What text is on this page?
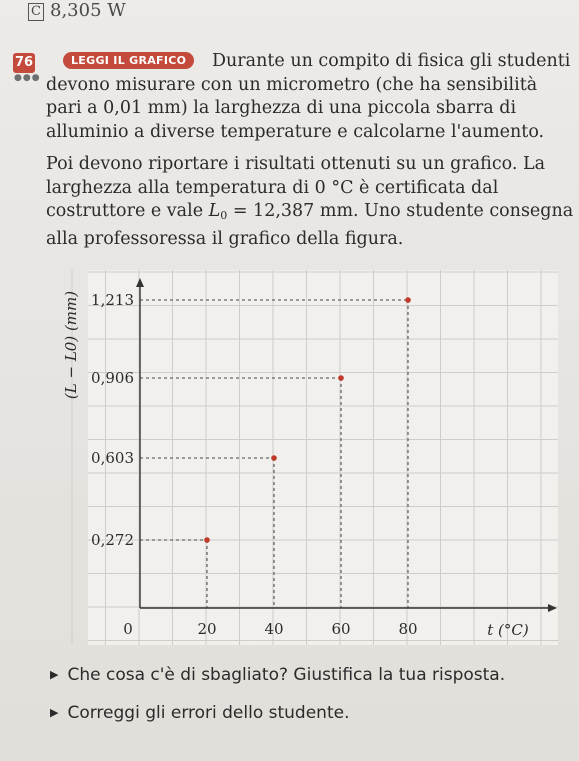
C 8,305 W
76
●●●
LEGGI IL GRAFICO	Durante un compito di fisica gli studenti devono misurare con un micrometro (che ha sensibilità pari a 0,01 mm) la larghezza di una piccola sbarra di alluminio a diverse temperature e calcolarne l'aumento.

Poi devono riportare i risultati ottenuti su un grafico. La larghezza alla temperatura di 0 °C è certificata dal costruttore e vale $L_0 = 12,387$ mm. Uno studente consegna alla professoressa il grafico della figura.

0,272
0,603
0,906
1,213
0	20	40	60	80	t (°C)
(L − L0) (mm)
▶ Che cosa c'è di sbagliato? Giustifica la tua risposta.
▶ Correggi gli errori dello studente.
